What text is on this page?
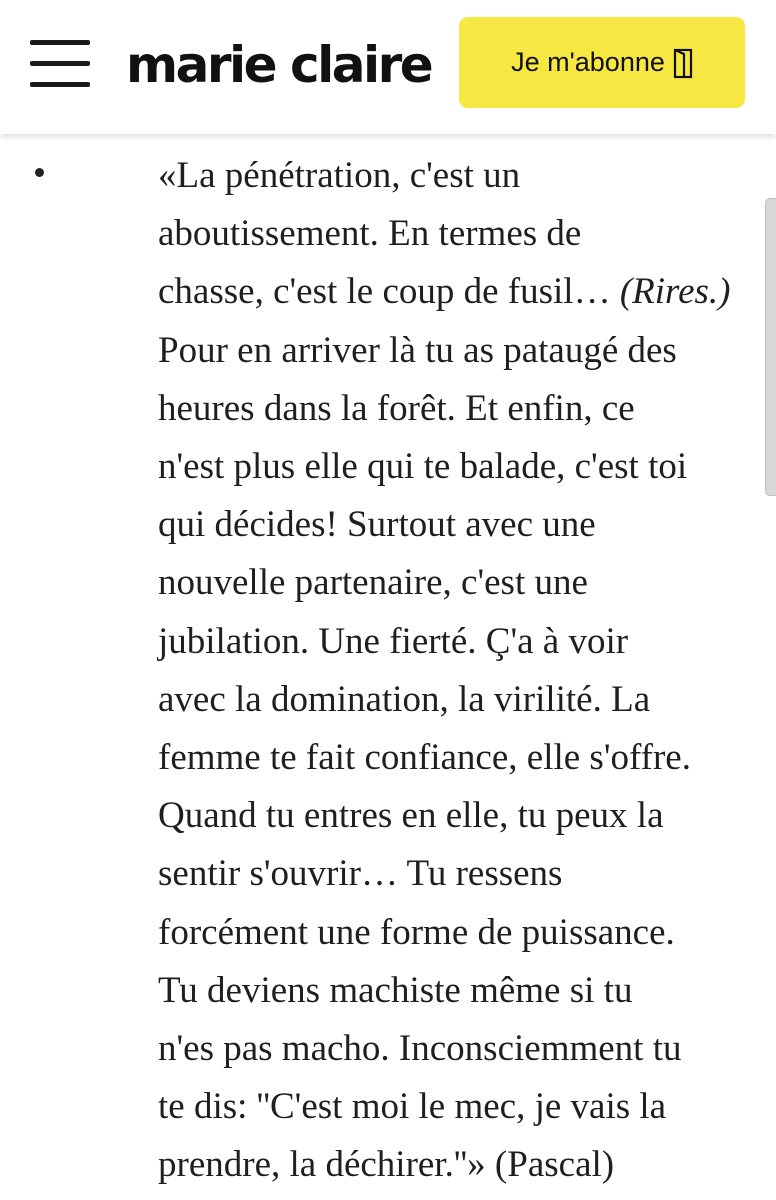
marie claire	Je m'abonne
«La pénétration, c'est un
aboutissement. En termes de
chasse, c'est le coup de fusil… (Rires.)
Pour en arriver là tu as pataugé des
heures dans la forêt. Et enfin, ce
n'est plus elle qui te balade, c'est toi
qui décides! Surtout avec une
nouvelle partenaire, c'est une
jubilation. Une fierté. Ç'a à voir
avec la domination, la virilité. La
femme te fait confiance, elle s'offre.
Quand tu entres en elle, tu peux la
sentir s'ouvrir… Tu ressens
forcément une forme de puissance.
Tu deviens machiste même si tu
n'es pas macho. Inconsciemment tu
te dis: ''C'est moi le mec, je vais la
prendre, la déchirer.''» (Pascal)
